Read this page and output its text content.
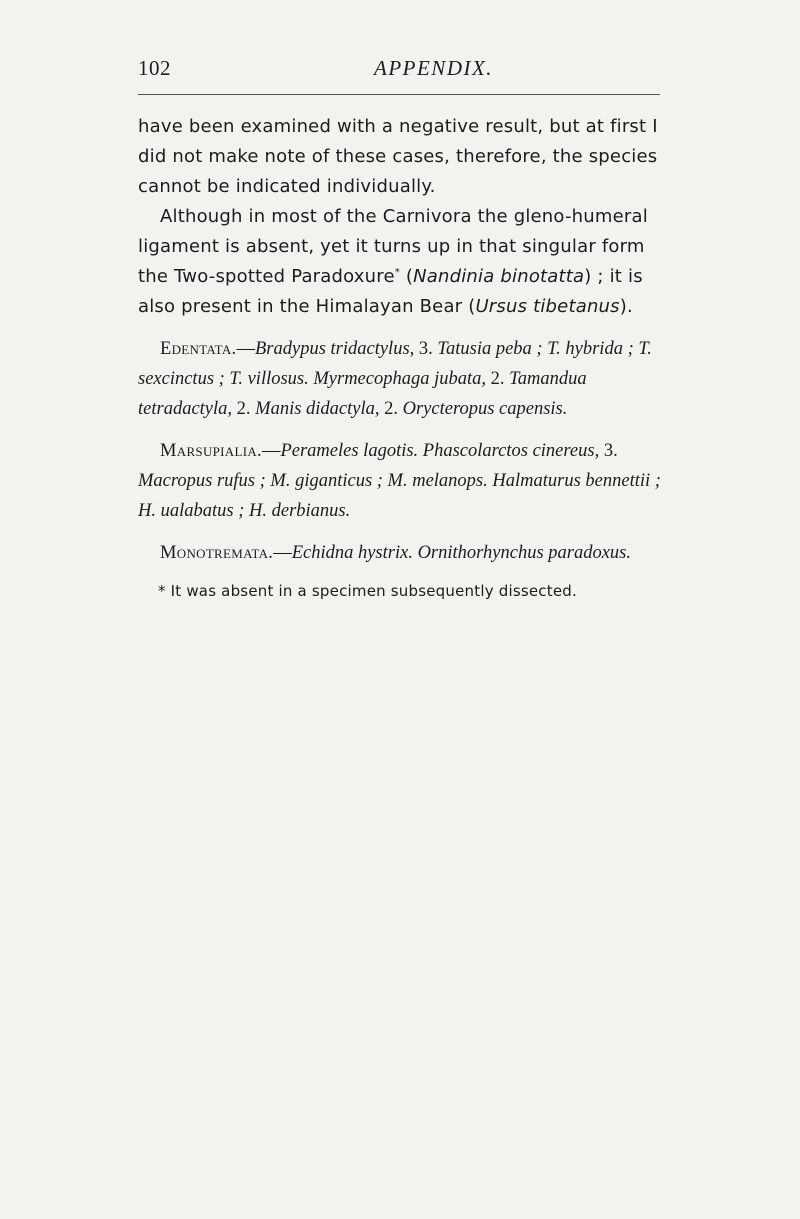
102	APPENDIX.

have been examined with a negative result, but at first I did not make note of these cases, therefore, the species cannot be indicated individually.

Although in most of the Carnivora the gleno-humeral ligament is absent, yet it turns up in that singular form the Two-spotted Paradoxure* (Nandinia binotatta) ; it is also present in the Himalayan Bear (Ursus tibetanus).

Edentata.—Bradypus tridactylus, 3. Tatusia peba ; T. hybrida ; T. sexcinctus ; T. villosus. Myrmecophaga jubata, 2. Tamandua tetradactyla, 2. Manis didactyla, 2. Orycteropus capensis.

Marsupialia.—Perameles lagotis. Phascolarctos cinereus, 3. Macropus rufus ; M. giganticus ; M. melanops. Halmaturus bennettii ; H. ualabatus ; H. derbianus.

Monotremata.—Echidna hystrix. Ornithorhynchus paradoxus.

* It was absent in a specimen subsequently dissected.
